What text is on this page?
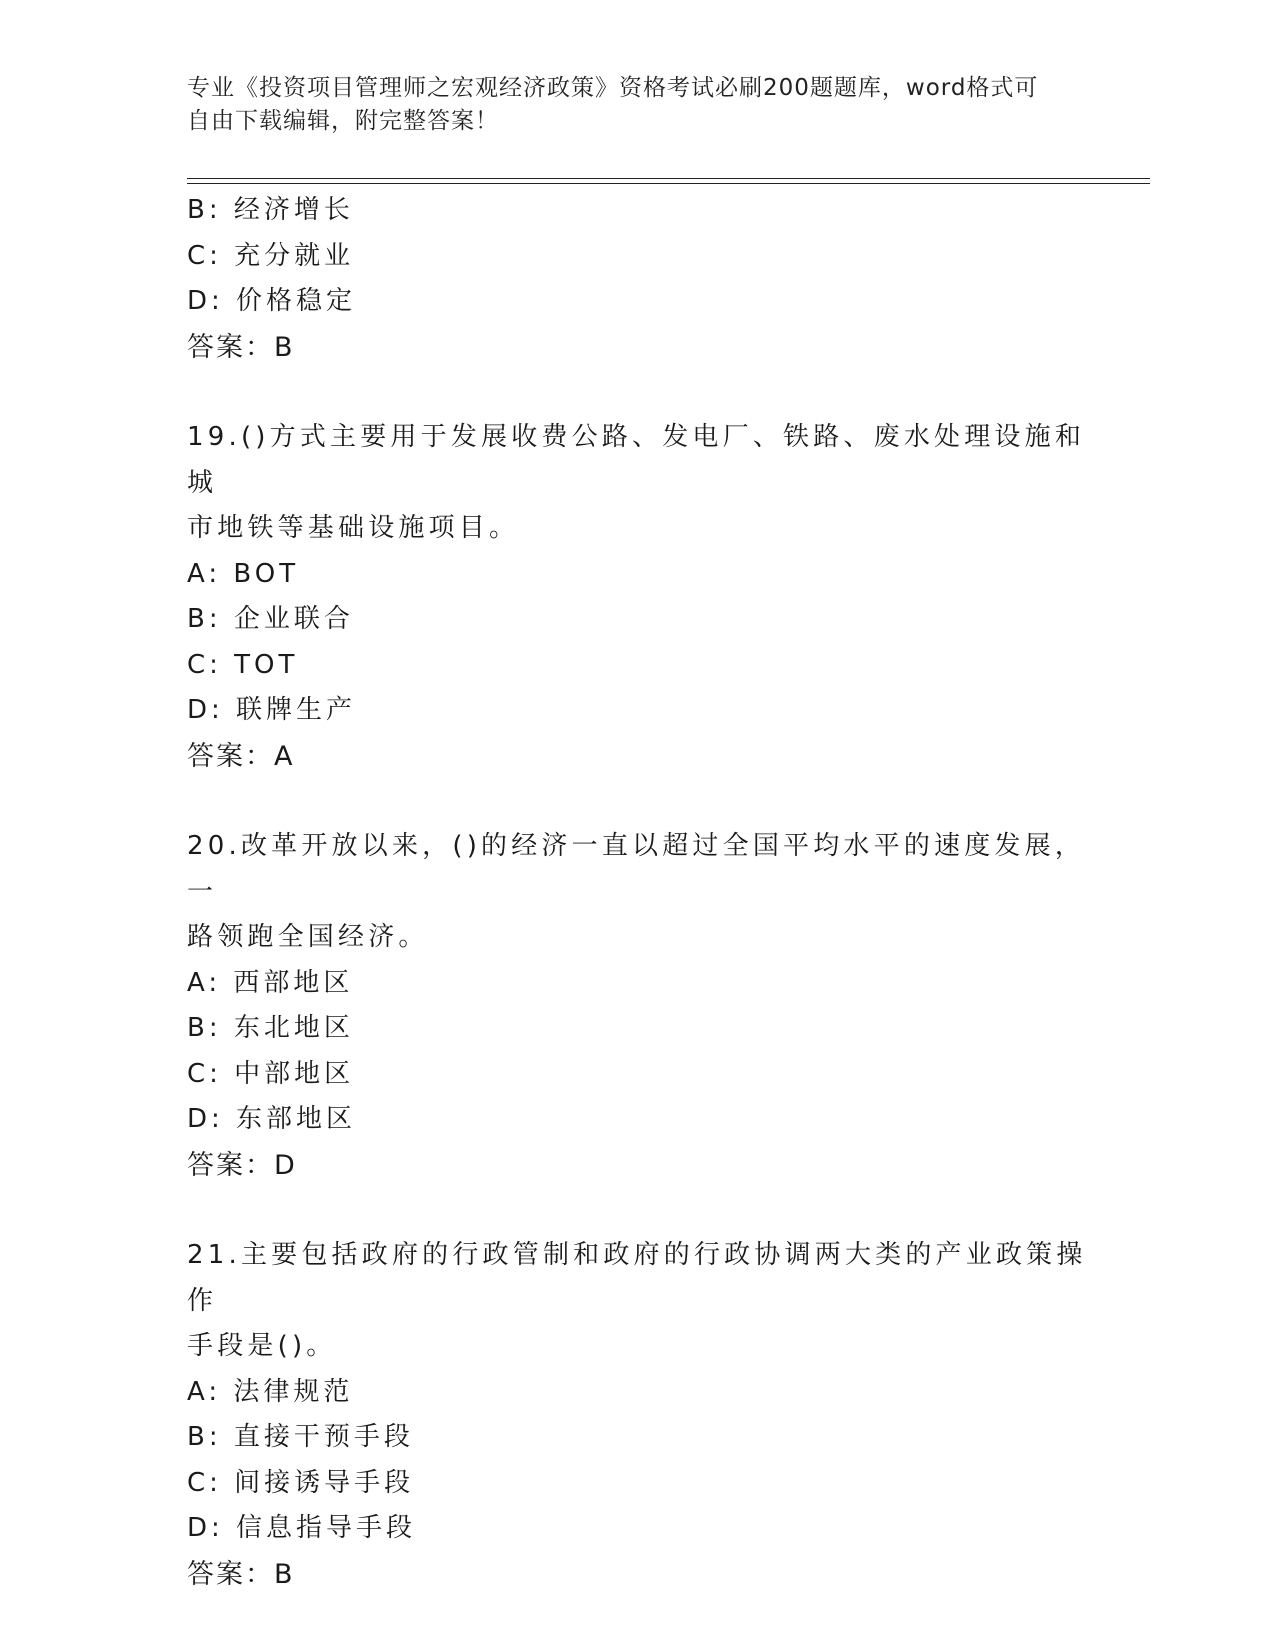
专业《投资项目管理师之宏观经济政策》资格考试必刷200题题库，word格式可
自由下载编辑，附完整答案！
B: 经济增长
C: 充分就业
D: 价格稳定
答案：B
19.()方式主要用于发展收费公路、发电厂、铁路、废水处理设施和城
市地铁等基础设施项目。
A: BOT
B: 企业联合
C: TOT
D: 联牌生产
答案：A
20.改革开放以来，()的经济一直以超过全国平均水平的速度发展，一
路领跑全国经济。
A: 西部地区
B: 东北地区
C: 中部地区
D: 东部地区
答案：D
21.主要包括政府的行政管制和政府的行政协调两大类的产业政策操作
手段是()。
A: 法律规范
B: 直接干预手段
C: 间接诱导手段
D: 信息指导手段
答案：B
